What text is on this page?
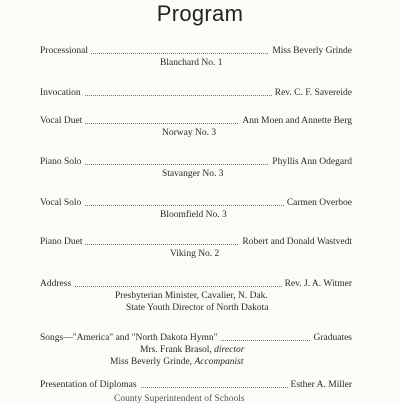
Program
Processional	Miss Beverly Grinde
Blanchard No. 1
Invocation	Rev. C. F. Savereide
Vocal Duet	Ann Moen and Annette Berg
Norway No. 3
Piano Solo	Phyllis Ann Odegard
Stavanger No. 3
Vocal Solo	Carmen Overboe
Bloomfield No. 3
Piano Duet	Robert and Donald Wastvedt
Viking No. 2
Address	Rev. J. A. Witmer
Presbyterian Minister, Cavalier, N. Dak.
State Youth Director of North Dakota
Songs—"America" and "North Dakota Hymn"	Graduates
Mrs. Frank Brasol, director
Miss Beverly Grinde, Accompanist
Presentation of Diplomas	Esther A. Miller
County Superintendent of Schools
